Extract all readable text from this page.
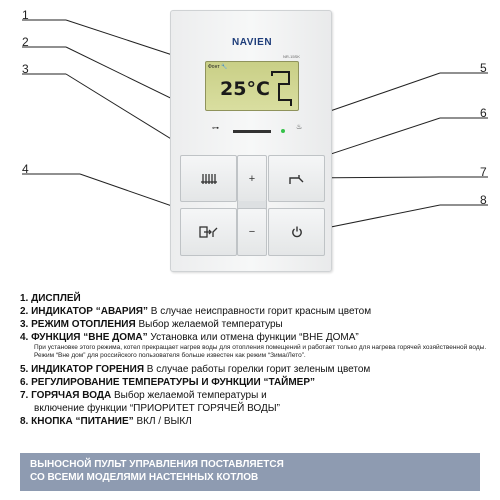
1
2
3
4
5
6
7
8
NAVIEN
NR-15SK
Фонт 🔧
25°C
⊶	♨
+
−
1. ДИСПЛЕЙ
2. ИНДИКАТОР “АВАРИЯ” В случае неисправности горит красным цветом
3. РЕЖИМ ОТОПЛЕНИЯ Выбор желаемой температуры
4. ФУНКЦИЯ “ВНЕ ДОМА” Установка или отмена функции “ВНЕ ДОМА”
При установке этого режима, котел прекращает нагрев воды для отопления помещений и работает только для нагрева горячей хозяйственной воды. Режим “Вне дом” для российского пользователя больше известен как режим “Зима/Лето”.
5. ИНДИКАТОР ГОРЕНИЯ В случае работы горелки горит зеленым цветом
6. РЕГУЛИРОВАНИЕ ТЕМПЕРАТУРЫ И ФУНКЦИИ “ТАЙМЕР”
7. ГОРЯЧАЯ ВОДА Выбор желаемой температуры и
включение функции “ПРИОРИТЕТ ГОРЯЧЕЙ ВОДЫ”
8. КНОПКА “ПИТАНИЕ” ВКЛ / ВЫКЛ
ВЫНОСНОЙ ПУЛЬТ УПРАВЛЕНИЯ ПОСТАВЛЯЕТСЯ
СО ВСЕМИ МОДЕЛЯМИ НАСТЕННЫХ КОТЛОВ
